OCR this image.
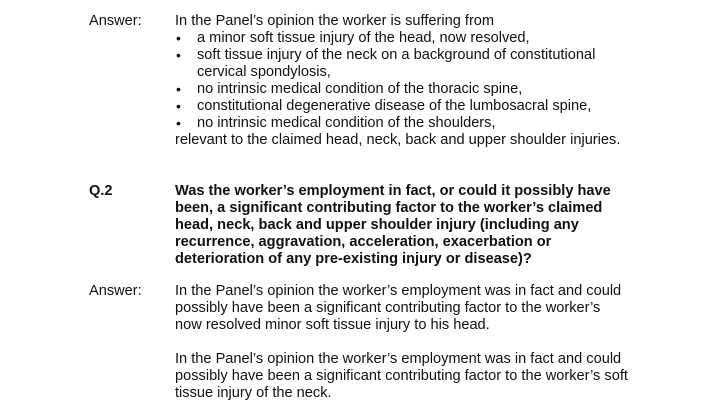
Answer: In the Panel’s opinion the worker is suffering from

• a minor soft tissue injury of the head, now resolved,
• soft tissue injury of the neck on a background of constitutional cervical spondylosis,
• no intrinsic medical condition of the thoracic spine,
• constitutional degenerative disease of the lumbosacral spine,
• no intrinsic medical condition of the shoulders,

relevant to the claimed head, neck, back and upper shoulder injuries.

Q.2	Was the worker’s employment in fact, or could it possibly have been, a significant contributing factor to the worker’s claimed head, neck, back and upper shoulder injury (including any recurrence, aggravation, acceleration, exacerbation or deterioration of any pre-existing injury or disease)?
Answer: In the Panel’s opinion the worker’s employment was in fact and could possibly have been a significant contributing factor to the worker’s now resolved minor soft tissue injury to his head.

In the Panel’s opinion the worker’s employment was in fact and could possibly have been a significant contributing factor to the worker’s soft tissue injury of the neck.
